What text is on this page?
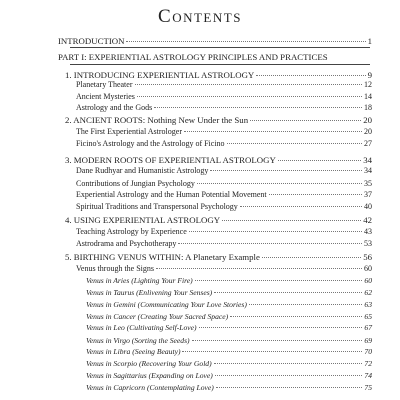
Contents
INTRODUCTION	1
PART I: EXPERIENTIAL ASTROLOGY PRINCIPLES AND PRACTICES
1. INTRODUCING EXPERIENTIAL ASTROLOGY	9
Planetary Theater	12
Ancient Mysteries	14
Astrology and the Gods	18
2. ANCIENT ROOTS: Nothing New Under the Sun	20
The First Experiential Astrologer	20
Ficino's Astrology and the Astrology of Ficino	27
3. MODERN ROOTS OF EXPERIENTIAL ASTROLOGY	34
Dane Rudhyar and Humanistic Astrology	34
Contributions of Jungian Psychology	35
Experiential Astrology and the Human Potential Movement	37
Spiritual Traditions and Transpersonal Psychology	40
4. USING EXPERIENTIAL ASTROLOGY	42
Teaching Astrology by Experience	43
Astrodrama and Psychotherapy	53
5. BIRTHING VENUS WITHIN: A Planetary Example	56
Venus through the Signs	60
Venus in Aries (Lighting Your Fire)	60
Venus in Taurus (Enlivening Your Senses)	62
Venus in Gemini (Communicating Your Love Stories)	63
Venus in Cancer (Creating Your Sacred Space)	65
Venus in Leo (Cultivating Self-Love)	67
Venus in Virgo (Sorting the Seeds)	69
Venus in Libra (Seeing Beauty)	70
Venus in Scorpio (Recovering Your Gold)	72
Venus in Sagittarius (Expanding on Love)	74
Venus in Capricorn (Contemplating Love)	75
